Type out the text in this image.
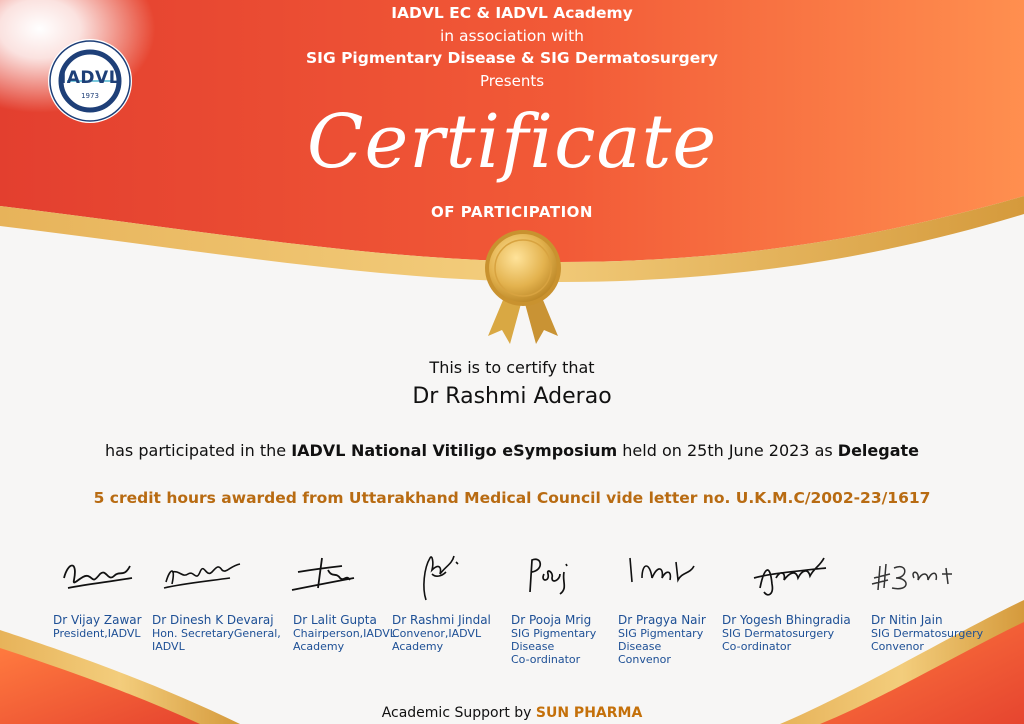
IADVL
1973
IADVL EC & IADVL Academy
in association with
SIG Pigmentary Disease & SIG Dermatosurgery
Presents
Certificate
OF PARTICIPATION
This is to certify that
Dr Rashmi Aderao
has participated in the IADVL National Vitiligo eSymposium held on 25th June 2023 as Delegate
5 credit hours awarded from Uttarakhand Medical Council vide letter no. U.K.M.C/2002-23/1617
Dr Vijay Zawar
President,IADVL
Dr Dinesh K Devaraj
Hon. SecretaryGeneral,
IADVL
Dr Lalit Gupta
Chairperson,IADVL
Academy
Dr Rashmi Jindal
Convenor,IADVL
Academy
Dr Pooja Mrig
SIG Pigmentary
Disease
Co-ordinator
Dr Pragya Nair
SIG Pigmentary
Disease
Convenor
Dr Yogesh Bhingradia
SIG Dermatosurgery
Co-ordinator
Dr Nitin Jain
SIG Dermatosurgery
Convenor
Academic Support by SUN PHARMA
